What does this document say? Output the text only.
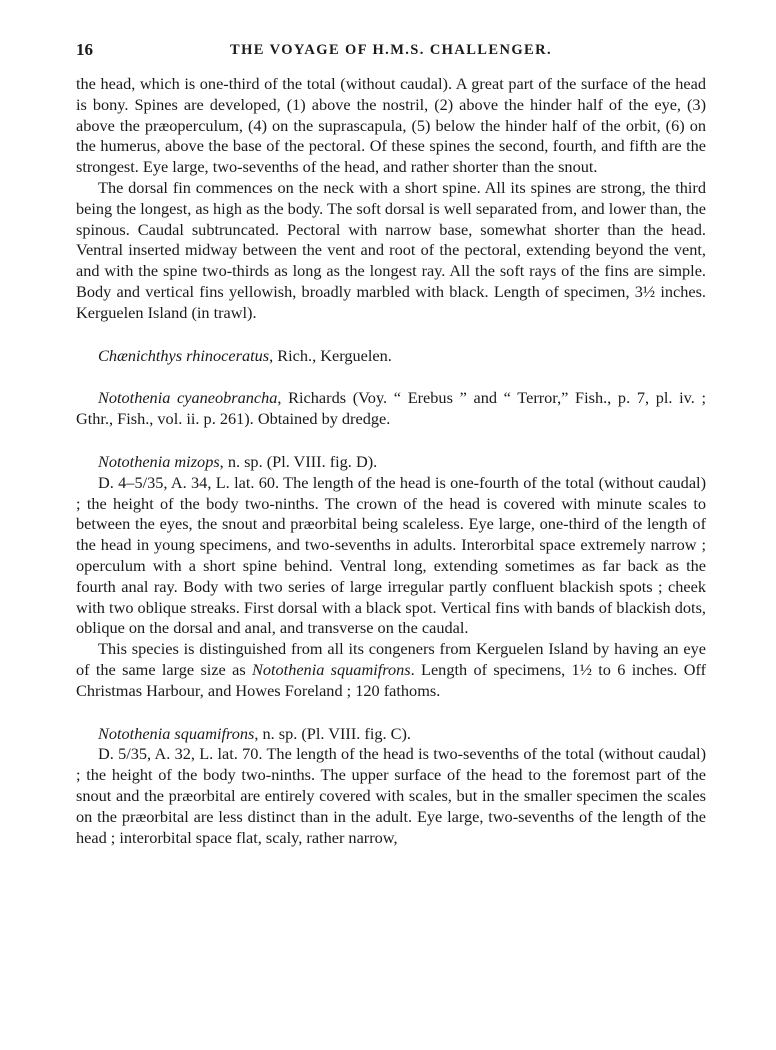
16	THE VOYAGE OF H.M.S. CHALLENGER.

the head, which is one-third of the total (without caudal). A great part of the surface of the head is bony. Spines are developed, (1) above the nostril, (2) above the hinder half of the eye, (3) above the præoperculum, (4) on the suprascapula, (5) below the hinder half of the orbit, (6) on the humerus, above the base of the pectoral. Of these spines the second, fourth, and fifth are the strongest. Eye large, two-sevenths of the head, and rather shorter than the snout.

The dorsal fin commences on the neck with a short spine. All its spines are strong, the third being the longest, as high as the body. The soft dorsal is well separated from, and lower than, the spinous. Caudal subtruncated. Pectoral with narrow base, somewhat shorter than the head. Ventral inserted midway between the vent and root of the pectoral, extending beyond the vent, and with the spine two-thirds as long as the longest ray. All the soft rays of the fins are simple. Body and vertical fins yellowish, broadly marbled with black. Length of specimen, 3½ inches. Kerguelen Island (in trawl).

Chænichthys rhinoceratus, Rich., Kerguelen.

Notothenia cyaneobrancha, Richards (Voy. “ Erebus ” and “ Terror,” Fish., p. 7, pl. iv. ; Gthr., Fish., vol. ii. p. 261). Obtained by dredge.

Notothenia mizops, n. sp. (Pl. VIII. fig. D).

D. 4–5/35, A. 34, L. lat. 60. The length of the head is one-fourth of the total (without caudal) ; the height of the body two-ninths. The crown of the head is covered with minute scales to between the eyes, the snout and præorbital being scaleless. Eye large, one-third of the length of the head in young specimens, and two-sevenths in adults. Interorbital space extremely narrow ; operculum with a short spine behind. Ventral long, extending sometimes as far back as the fourth anal ray. Body with two series of large irregular partly confluent blackish spots ; cheek with two oblique streaks. First dorsal with a black spot. Vertical fins with bands of blackish dots, oblique on the dorsal and anal, and transverse on the caudal.

This species is distinguished from all its congeners from Kerguelen Island by having an eye of the same large size as Notothenia squamifrons. Length of specimens, 1½ to 6 inches. Off Christmas Harbour, and Howes Foreland ; 120 fathoms.

Notothenia squamifrons, n. sp. (Pl. VIII. fig. C).

D. 5/35, A. 32, L. lat. 70. The length of the head is two-sevenths of the total (without caudal) ; the height of the body two-ninths. The upper surface of the head to the foremost part of the snout and the præorbital are entirely covered with scales, but in the smaller specimen the scales on the præorbital are less distinct than in the adult. Eye large, two-sevenths of the length of the head ; interorbital space flat, scaly, rather narrow,
